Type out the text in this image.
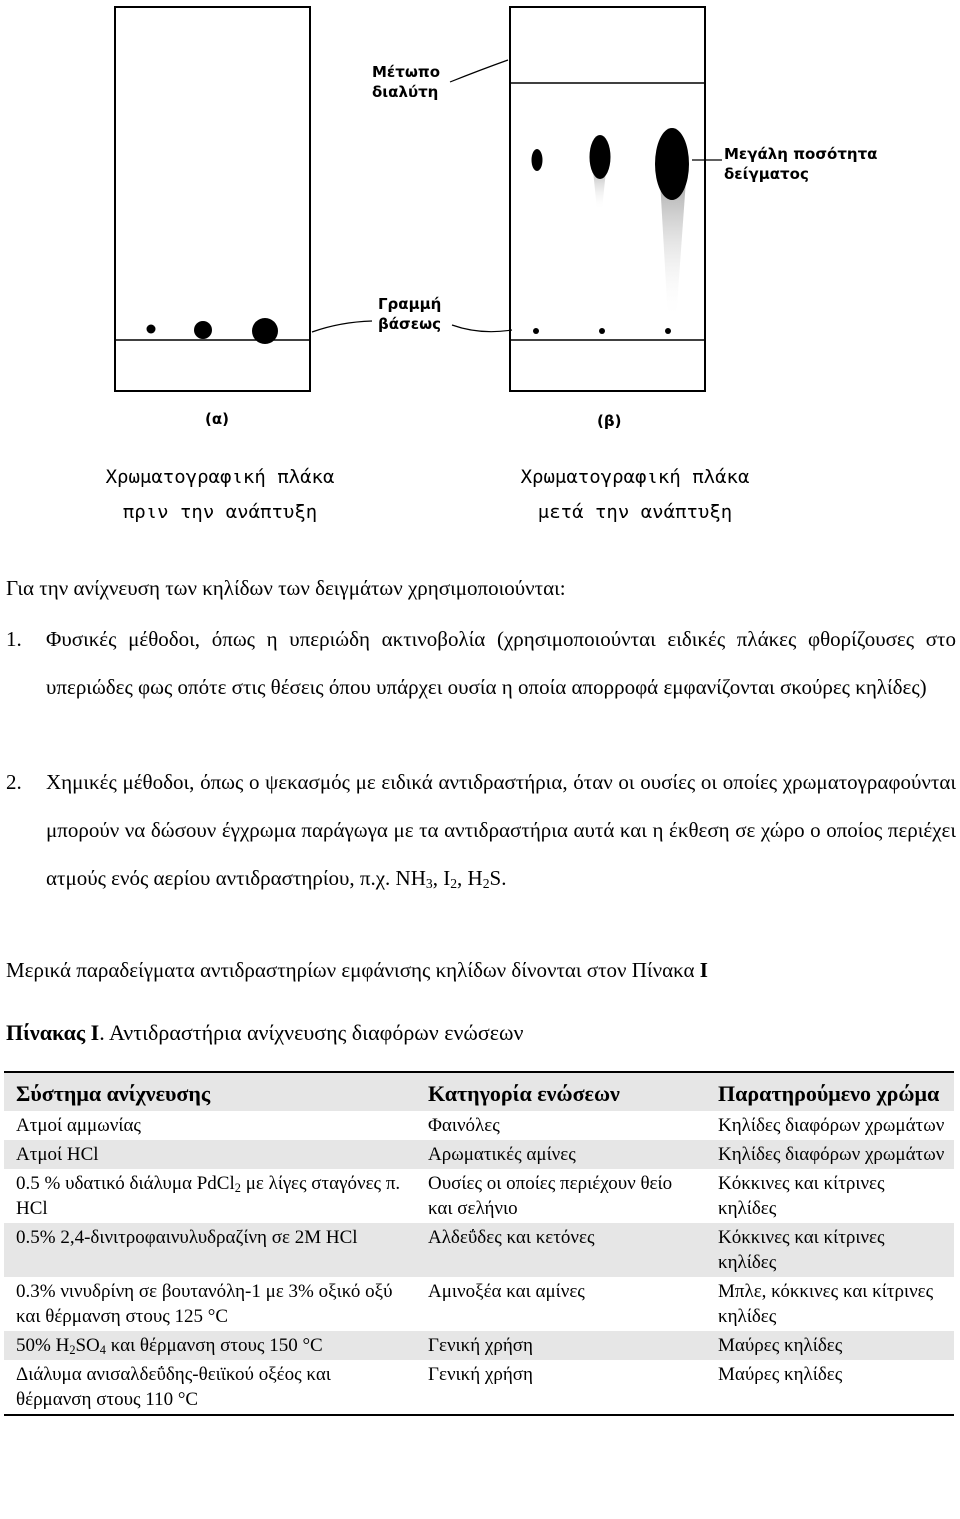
Μέτωπο
διαλύτη
Μεγάλη ποσότητα
δείγματος
Γραμμή
βάσεως
(α)	(β)
Χρωματογραφική πλάκα
πριν την ανάπτυξη
Χρωματογραφική πλάκα
μετά την ανάπτυξη
Για την ανίχνευση των κηλίδων των δειγμάτων χρησιμοποιούνται:
1. Φυσικές μέθοδοι, όπως η υπεριώδη ακτινοβολία (χρησιμοποιούνται ειδικές πλάκες φθορίζουσες στο υπεριώδες φως οπότε στις θέσεις όπου υπάρχει ουσία η οποία απορροφά εμφανίζονται σκούρες κηλίδες)
2. Χημικές μέθοδοι, όπως ο ψεκασμός με ειδικά αντιδραστήρια, όταν οι ουσίες οι οποίες χρωματογραφούνται μπορούν να δώσουν έγχρωμα παράγωγα με τα αντιδραστήρια αυτά και η έκθεση σε χώρο ο οποίος περιέχει ατμούς ενός αερίου αντιδραστηρίου, π.χ. $NH_3$, $I_2$, $H_2S$.
Μερικά παραδείγματα αντιδραστηρίων εμφάνισης κηλίδων δίνονται στον Πίνακα Ι
Πίνακας Ι. Αντιδραστήρια ανίχνευσης διαφόρων ενώσεων
Σύστημα ανίχνευσης	Κατηγορία ενώσεων	Παρατηρούμενο χρώμα
Ατμοί αμμωνίας	Φαινόλες	Κηλίδες διαφόρων χρωμάτων
Ατμοί HCl	Αρωματικές αμίνες	Κηλίδες διαφόρων χρωμάτων
0.5 % υδατικό διάλυμα PdCl$_2$ με λίγες σταγόνες π. HCl	Ουσίες οι οποίες περιέχουν θείο και σελήνιο	Κόκκινες και κίτρινες κηλίδες
0.5% 2,4-δινιτροφαινυλυδραζίνη σε 2Μ HCl	Αλδεΰδες και κετόνες	Κόκκινες και κίτρινες κηλίδες
0.3% νινυδρίνη σε βουτανόλη-1 με 3% οξικό οξύ και θέρμανση στους 125 °C	Αμινοξέα και αμίνες	Μπλε, κόκκινες και κίτρινες κηλίδες
50% $H_2SO_4$ και θέρμανση στους 150 °C	Γενική χρήση	Μαύρες κηλίδες
Διάλυμα ανισαλδεΰδης-θειϊκού οξέος και θέρμανση στους 110 °C	Γενική χρήση	Μαύρες κηλίδες
